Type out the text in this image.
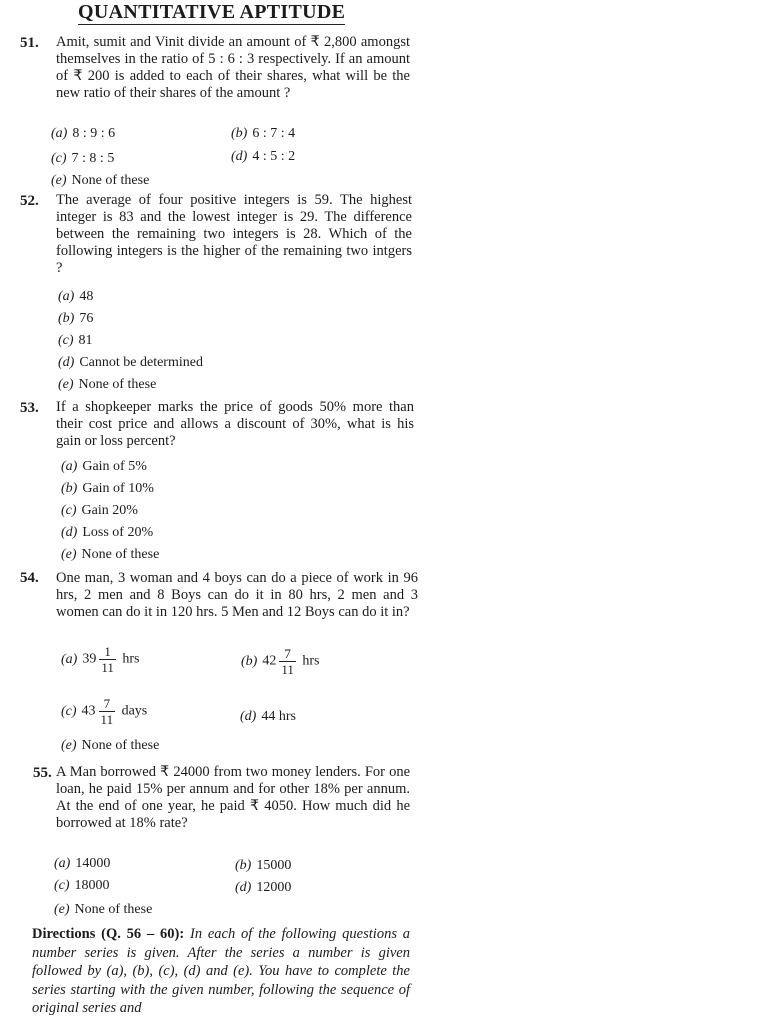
QUANTITATIVE APTITUDE
51. Amit, sumit and Vinit divide an amount of ₹ 2,800 amongst themselves in the ratio of 5 : 6 : 3 respectively. If an amount of ₹ 200 is added to each of their shares, what will be the new ratio of their shares of the amount ?
(a) 8 : 9 : 6	(b) 6 : 7 : 4
(c) 7 : 8 : 5	(d) 4 : 5 : 2
(e) None of these
52. The average of four positive integers is 59. The highest integer is 83 and the lowest integer is 29. The difference between the remaining two integers is 28. Which of the following integers is the higher of the remaining two intgers ?
(a) 48
(b) 76
(c) 81
(d) Cannot be determined
(e) None of these
53. If a shopkeeper marks the price of goods 50% more than their cost price and allows a discount of 30%, what is his gain or loss percent?
(a) Gain of 5%
(b) Gain of 10%
(c) Gain 20%
(d) Loss of 20%
(e) None of these
54. One man, 3 woman and 4 boys can do a piece of work in 96 hrs, 2 men and 8 Boys can do it in 80 hrs, 2 men and 3 women can do it in 120 hrs. 5 Men and 12 Boys can do it in?
(a) $39 \frac{1}{11}$ hrs	(b) $42 \frac{7}{11}$ hrs
(c) $43 \frac{7}{11}$ days	(d) 44 hrs
(e) None of these
55. A Man borrowed ₹ 24000 from two money lenders. For one loan, he paid 15% per annum and for other 18% per annum. At the end of one year, he paid ₹ 4050. How much did he borrowed at 18% rate?
(a) 14000	(b) 15000
(c) 18000	(d) 12000
(e) None of these
Directions (Q. 56 – 60): In each of the following questions a number series is given. After the series a number is given followed by (a), (b), (c), (d) and (e). You have to complete the series starting with the given number, following the sequence of original series and
